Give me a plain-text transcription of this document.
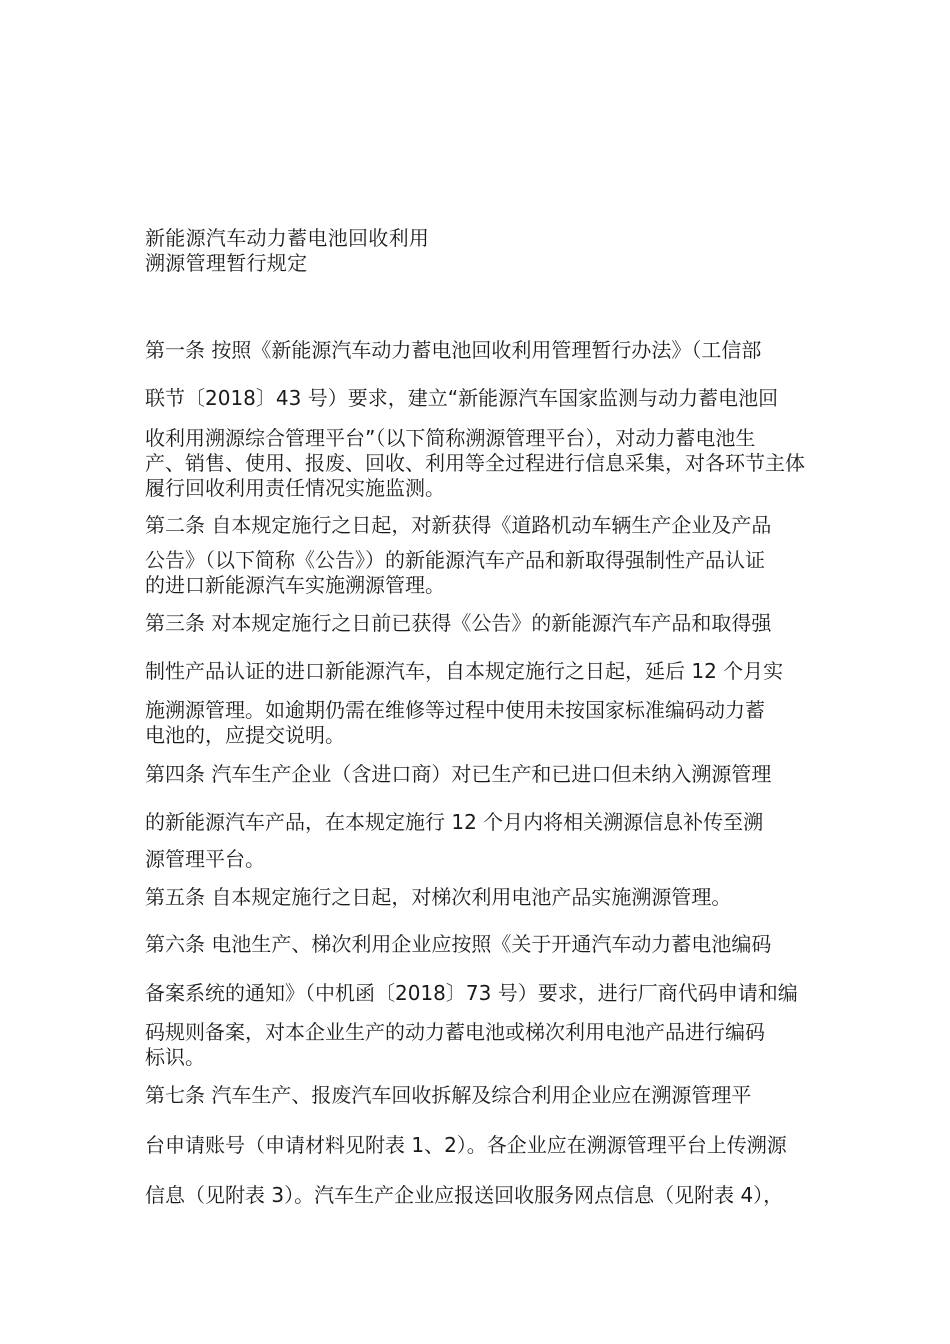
新能源汽车动力蓄电池回收利用
溯源管理暂行规定
第一条 按照《新能源汽车动力蓄电池回收利用管理暂行办法》（工信部
联节〔2018〕43 号）要求，建立“新能源汽车国家监测与动力蓄电池回
收利用溯源综合管理平台”（以下简称溯源管理平台），对动力蓄电池生
产、销售、使用、报废、回收、利用等全过程进行信息采集，对各环节主体
履行回收利用责任情况实施监测。
第二条 自本规定施行之日起，对新获得《道路机动车辆生产企业及产品
公告》（以下简称《公告》）的新能源汽车产品和新取得强制性产品认证
的进口新能源汽车实施溯源管理。
第三条 对本规定施行之日前已获得《公告》的新能源汽车产品和取得强
制性产品认证的进口新能源汽车，自本规定施行之日起，延后 12 个月实
施溯源管理。如逾期仍需在维修等过程中使用未按国家标准编码动力蓄
电池的，应提交说明。
第四条 汽车生产企业（含进口商）对已生产和已进口但未纳入溯源管理
的新能源汽车产品，在本规定施行 12 个月内将相关溯源信息补传至溯
源管理平台。
第五条 自本规定施行之日起，对梯次利用电池产品实施溯源管理。
第六条 电池生产、梯次利用企业应按照《关于开通汽车动力蓄电池编码
备案系统的通知》（中机函〔2018〕73 号）要求，进行厂商代码申请和编
码规则备案，对本企业生产的动力蓄电池或梯次利用电池产品进行编码
标识。
第七条 汽车生产、报废汽车回收拆解及综合利用企业应在溯源管理平
台申请账号（申请材料见附表 1、2）。各企业应在溯源管理平台上传溯源
信息（见附表 3）。汽车生产企业应报送回收服务网点信息（见附表 4），
